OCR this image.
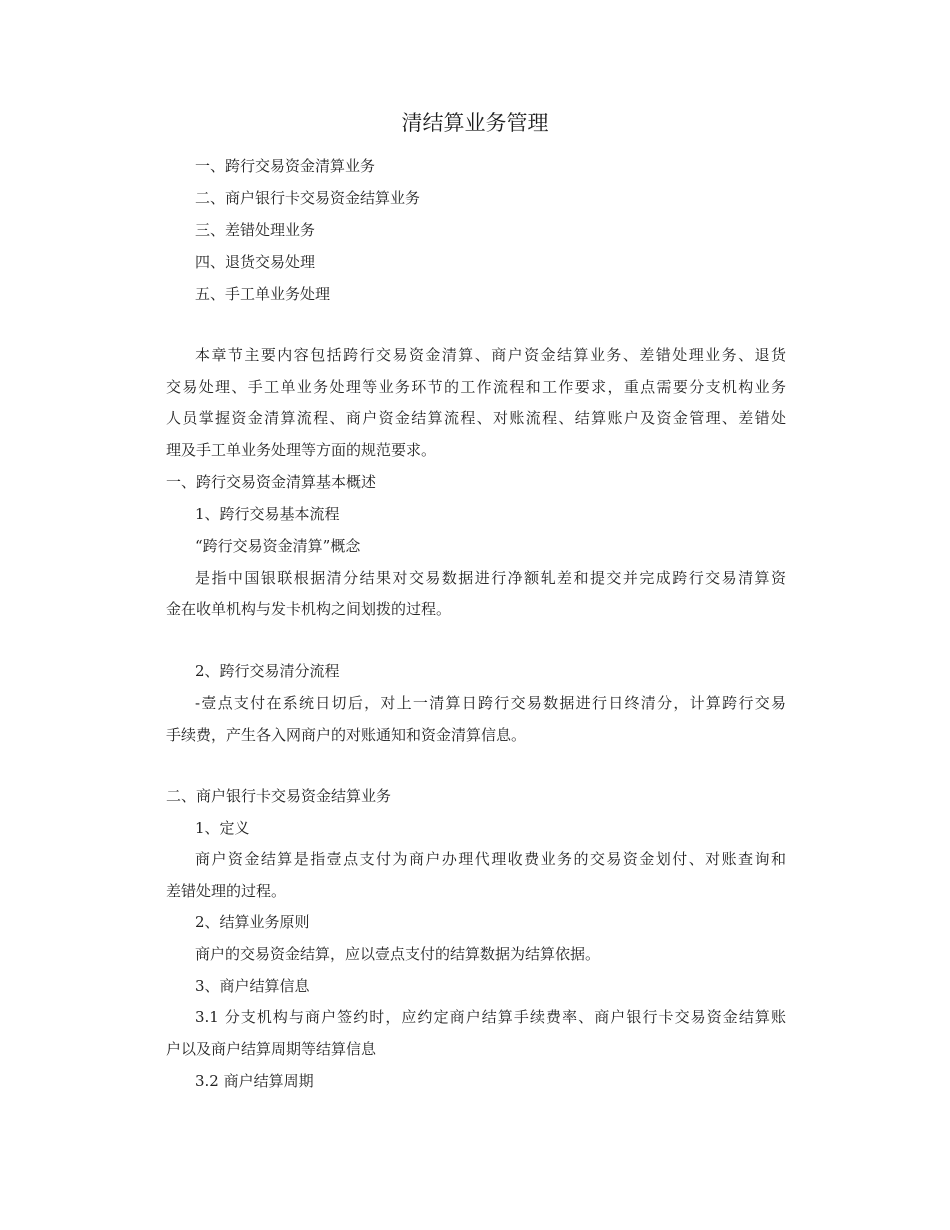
清结算业务管理
一、跨行交易资金清算业务
二、商户银行卡交易资金结算业务
三、差错处理业务
四、退货交易处理
五、手工单业务处理
本章节主要内容包括跨行交易资金清算、商户资金结算业务、差错处理业务、退货
交易处理、手工单业务处理等业务环节的工作流程和工作要求，重点需要分支机构业务
人员掌握资金清算流程、商户资金结算流程、对账流程、结算账户及资金管理、差错处
理及手工单业务处理等方面的规范要求。
一、跨行交易资金清算基本概述
1、跨行交易基本流程
“跨行交易资金清算”概念
是指中国银联根据清分结果对交易数据进行净额轧差和提交并完成跨行交易清算资
金在收单机构与发卡机构之间划拨的过程。
2、跨行交易清分流程
-壹点支付在系统日切后，对上一清算日跨行交易数据进行日终清分，计算跨行交易
手续费，产生各入网商户的对账通知和资金清算信息。
二、商户银行卡交易资金结算业务
1、定义
商户资金结算是指壹点支付为商户办理代理收费业务的交易资金划付、对账查询和
差错处理的过程。
2、结算业务原则
商户的交易资金结算，应以壹点支付的结算数据为结算依据。
3、商户结算信息
3.1 分支机构与商户签约时，应约定商户结算手续费率、商户银行卡交易资金结算账
户以及商户结算周期等结算信息
3.2 商户结算周期
